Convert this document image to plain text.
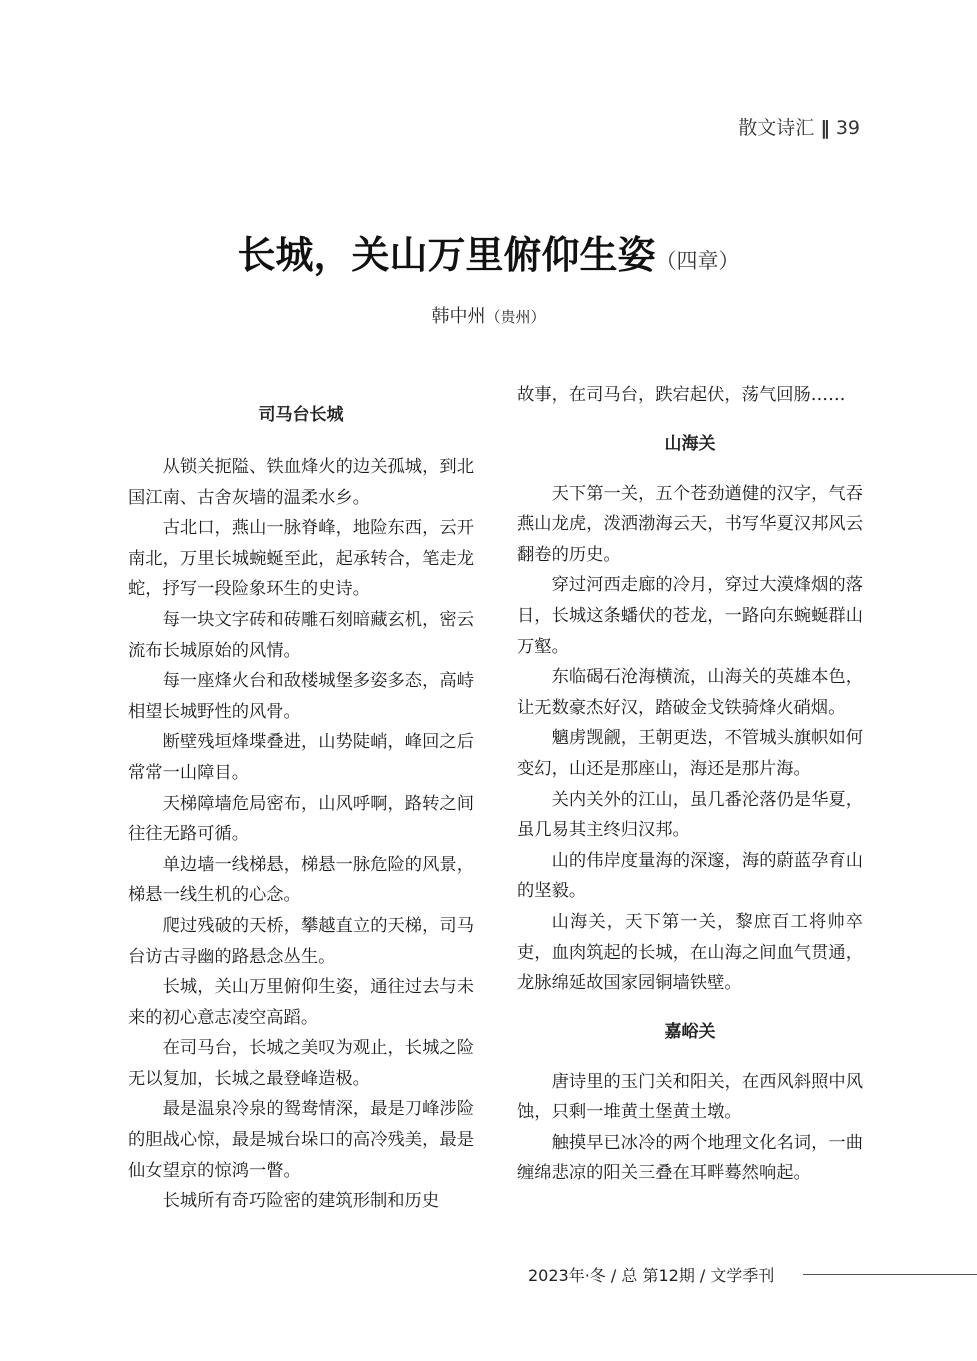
散文诗汇 ‖ 39
长城，关山万里俯仰生姿（四章）
韩中州（贵州）
司马台长城

从锁关扼隘、铁血烽火的边关孤城，到北国江南、古舍灰墙的温柔水乡。

古北口，燕山一脉脊峰，地险东西，云开南北，万里长城蜿蜒至此，起承转合，笔走龙蛇，抒写一段险象环生的史诗。

每一块文字砖和砖雕石刻暗藏玄机，密云流布长城原始的风情。

每一座烽火台和敌楼城堡多姿多态，高峙相望长城野性的风骨。

断壁残垣烽堞叠进，山势陡峭，峰回之后常常一山障目。

天梯障墙危局密布，山风呼啊，路转之间往往无路可循。

单边墙一线梯悬，梯悬一脉危险的风景，梯悬一线生机的心念。

爬过残破的天桥，攀越直立的天梯，司马台访古寻幽的路悬念丛生。

长城，关山万里俯仰生姿，通往过去与未来的初心意志凌空高蹈。

在司马台，长城之美叹为观止，长城之险无以复加，长城之最登峰造极。

最是温泉冷泉的鸳鸯情深，最是刀峰涉险的胆战心惊，最是城台垛口的高冷残美，最是仙女望京的惊鸿一瞥。

长城所有奇巧险密的建筑形制和历史

故事，在司马台，跌宕起伏，荡气回肠……

山海关

天下第一关，五个苍劲遒健的汉字，气吞燕山龙虎，泼洒渤海云天，书写华夏汉邦风云翻卷的历史。

穿过河西走廊的冷月，穿过大漠烽烟的落日，长城这条蟠伏的苍龙，一路向东蜿蜒群山万壑。

东临碣石沧海横流，山海关的英雄本色，让无数豪杰好汉，踏破金戈铁骑烽火硝烟。

魑虏觊觎，王朝更迭，不管城头旗帜如何变幻，山还是那座山，海还是那片海。

关内关外的江山，虽几番沦落仍是华夏，虽几易其主终归汉邦。

山的伟岸度量海的深邃，海的蔚蓝孕育山的坚毅。

山海关，天下第一关，黎庶百工将帅卒吏，血肉筑起的长城，在山海之间血气贯通，龙脉绵延故国家园铜墙铁壁。

嘉峪关

唐诗里的玉门关和阳关，在西风斜照中风蚀，只剩一堆黄土堡黄土墩。

触摸早已冰冷的两个地理文化名词，一曲缠绵悲凉的阳关三叠在耳畔蓦然响起。

2023年·冬 / 总 第12期 / 文学季刊
